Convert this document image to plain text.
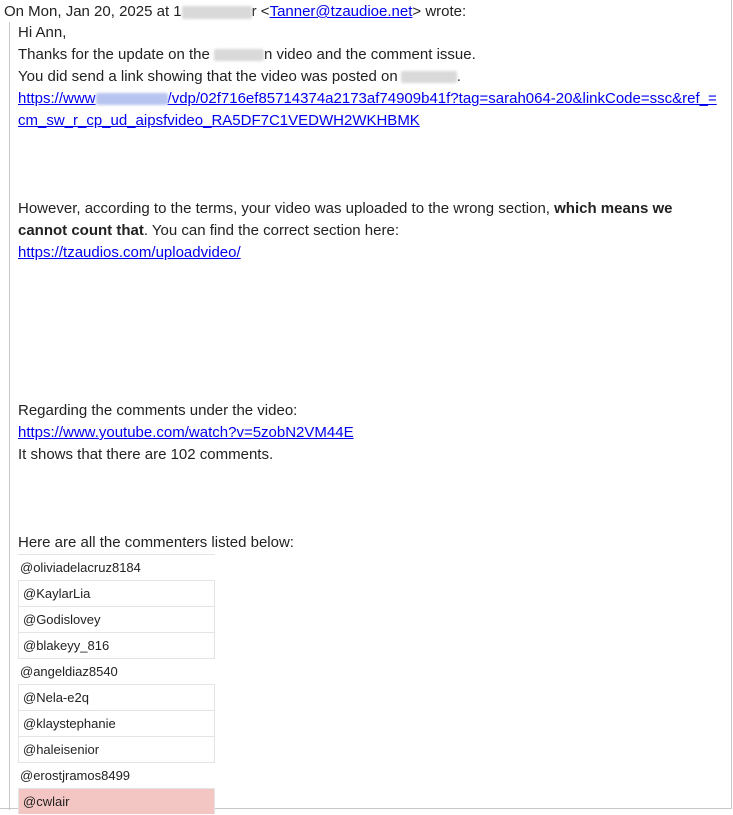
On Mon, Jan 20, 2025 at 1	r <Tanner@tzaudioe.net> wrote:

Hi Ann,

Thanks for the update on the	n video and the comment issue.

You did send a link showing that the video was posted on	.

https://www	/vdp/02f716ef85714374a2173af74909b41f?tag=sarah064-20&linkCode=ssc&ref_=cm_sw_r_cp_ud_aipsfvideo_RA5DF7C1VEDWH2WKHBMK

However, according to the terms, your video was uploaded to the wrong section, which means we cannot count that. You can find the correct section here:

https://tzaudios.com/uploadvideo/

Regarding the comments under the video:

https://www.youtube.com/watch?v=5zobN2VM44E

It shows that there are 102 comments.

Here are all the commenters listed below:

@oliviadelacruz8184
@KaylarLia
@Godislovey
@blakeyy_816
@angeldiaz8540
@Nela-e2q
@klaystephanie
@haleisenior
@erostjramos8499
@cwlair
